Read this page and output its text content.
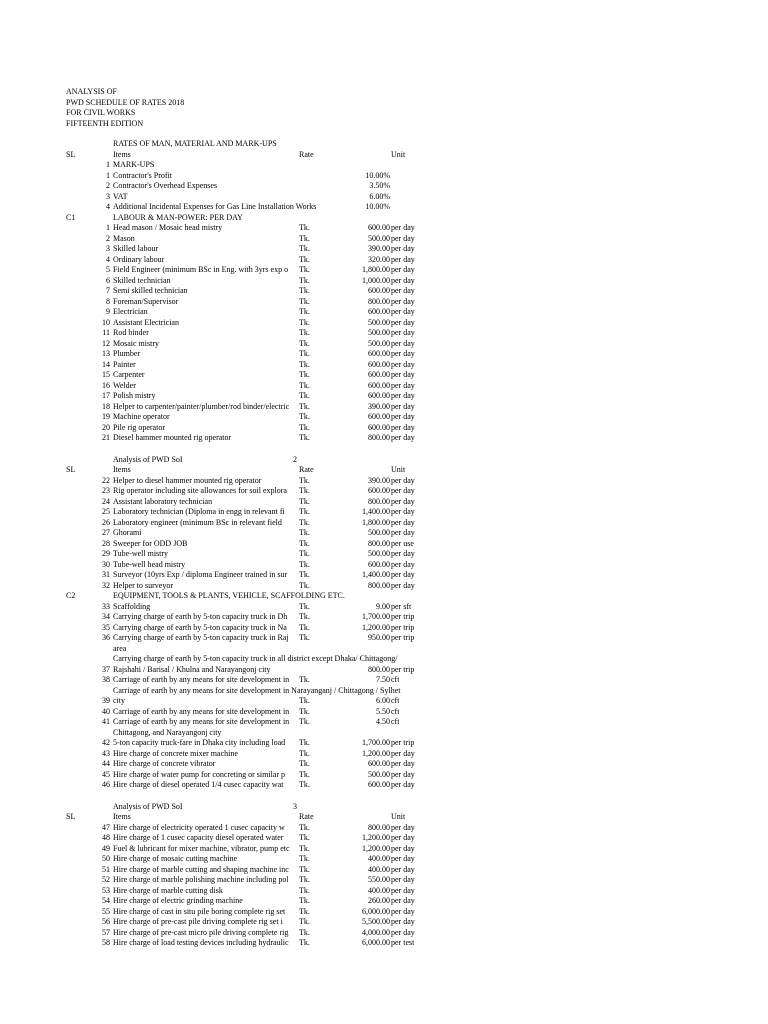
ANALYSIS OF
PWD SCHEDULE OF RATES 2018
FOR CIVIL WORKS
FIFTEENTH EDITION
RATES OF MAN, MATERIAL AND MARK-UPS
SL	Items	Rate	Unit
1 MARK-UPS
1 Contractor's Profit	10.00%
2 Contractor's Overhead Expenses	3.50%
3 VAT	6.00%
4 Additional Incidental Expenses for Gas Line Installation Works	10.00%
C1	LABOUR & MAN-POWER: PER DAY
1 Head mason / Mosaic head mistry	Tk.	600.00 per day
2 Mason	Tk.	500.00 per day
3 Skilled labour	Tk.	390.00 per day
4 Ordinary labour	Tk.	320.00 per day
5 Field Engineer (minimum BSc in Eng. with 3yrs exp o	Tk.	1,800.00 per day
6 Skilled technician	Tk.	1,000.00 per day
7 Semi skilled technician	Tk.	600.00 per day
8 Foreman/Supervisor	Tk.	800.00 per day
9 Electrician	Tk.	600.00 per day
10 Assistant Electrician	Tk.	500.00 per day
11 Rod binder	Tk.	500.00 per day
12 Mosaic mistry	Tk.	500.00 per day
13 Plumber	Tk.	600.00 per day
14 Painter	Tk.	600.00 per day
15 Carpenter	Tk.	600.00 per day
16 Welder	Tk.	600.00 per day
17 Polish mistry	Tk.	600.00 per day
18 Helper to carpenter/painter/plumber/rod binder/electric	Tk.	390.00 per day
19 Machine operator	Tk.	600.00 per day
20 Pile rig operator	Tk.	600.00 per day
21 Diesel hammer mounted rig operator	Tk.	800.00 per day
Analysis of PWD SoI	2
SL	Items	Rate	Unit
22 Helper to diesel hammer mounted rig operator	Tk.	390.00 per day
23 Rig operator including site allowances for soil explora	Tk.	600.00 per day
24 Assistant laboratory technician	Tk.	800.00 per day
25 Laboratory technician (Diploma in engg in relevant fi	Tk.	1,400.00 per day
26 Laboratory engineer (minimum BSc in relevant field	Tk.	1,800.00 per day
27 Ghorami	Tk.	500.00 per day
28 Sweeper for ODD JOB	Tk.	800.00 per use
29 Tube-well mistry	Tk.	500.00 per day
30 Tube-well head mistry	Tk.	600.00 per day
31 Surveyor (10yrs Exp / diploma Engineer trained in sur	Tk.	1,400.00 per day
32 Helper to surveyor	Tk.	800.00 per day
C2	EQUIPMENT, TOOLS & PLANTS, VEHICLE, SCAFFOLDING ETC.
33 Scaffolding	Tk.	9.00 per sft
34 Carrying charge of earth by 5-ton capacity truck in Dh	Tk.	1,700.00 per trip
35 Carrying charge of earth by 5-ton capacity truck in Na	Tk.	1,200.00 per trip
36 Carrying charge of earth by 5-ton capacity truck in Raj	Tk.	950.00 per trip
area
Carrying charge of earth by 5-ton capacity truck in all district except Dhaka/ Chittagong/
37 Rajshahi / Barisal / Khulna and Narayangonj city	800.00 per trip
38 Carriage of earth by any means for site development in	Tk.	7.50 cft
Carriage of earth by any means for site development in Narayanganj / Chittagong / Sylhet
39 city	Tk.	6.00 cft
40 Carriage of earth by any means for site development in	Tk.	5.50 cft
41 Carriage of earth by any means for site development in	Tk.	4.50 cft
Chittagong, and Narayangonj city
42 5-ton capacity truck-fare in Dhaka city including load	Tk.	1,700.00 per trip
43 Hire charge of concrete mixer machine	Tk.	1,200.00 per day
44 Hire charge of concrete vibrator	Tk.	600.00 per day
45 Hire charge of water pump for concreting or similar p	Tk.	500.00 per day
46 Hire charge of diesel operated 1/4 cusec capacity wat	Tk.	600.00 per day
Analysis of PWD SoI	3
SL	Items	Rate	Unit
47 Hire charge of electricity operated 1 cusec capacity w	Tk.	800.00 per day
48 Hire charge of 1 cusec capacity diesel operated water	Tk.	1,200.00 per day
49 Fuel & lubricant for mixer machine, vibrator, pump etc	Tk.	1,200.00 per day
50 Hire charge of mosaic cutting machine	Tk.	400.00 per day
51 Hire charge of marble cutting and shaping machine inc	Tk.	400.00 per day
52 Hire charge of marble polishing machine including pol	Tk.	550.00 per day
53 Hire charge of marble cutting disk	Tk.	400.00 per day
54 Hire charge of electric grinding machine	Tk.	260.00 per day
55 Hire charge of cast in situ pile boring complete rig set	Tk.	6,000.00 per day
56 Hire charge of pre-cast pile driving complete rig set i	Tk.	5,500.00 per day
57 Hire charge of pre-cast micro pile driving complete rig	Tk.	4,000.00 per day
58 Hire charge of load testing devices including hydraulic	Tk.	6,000.00 per test
